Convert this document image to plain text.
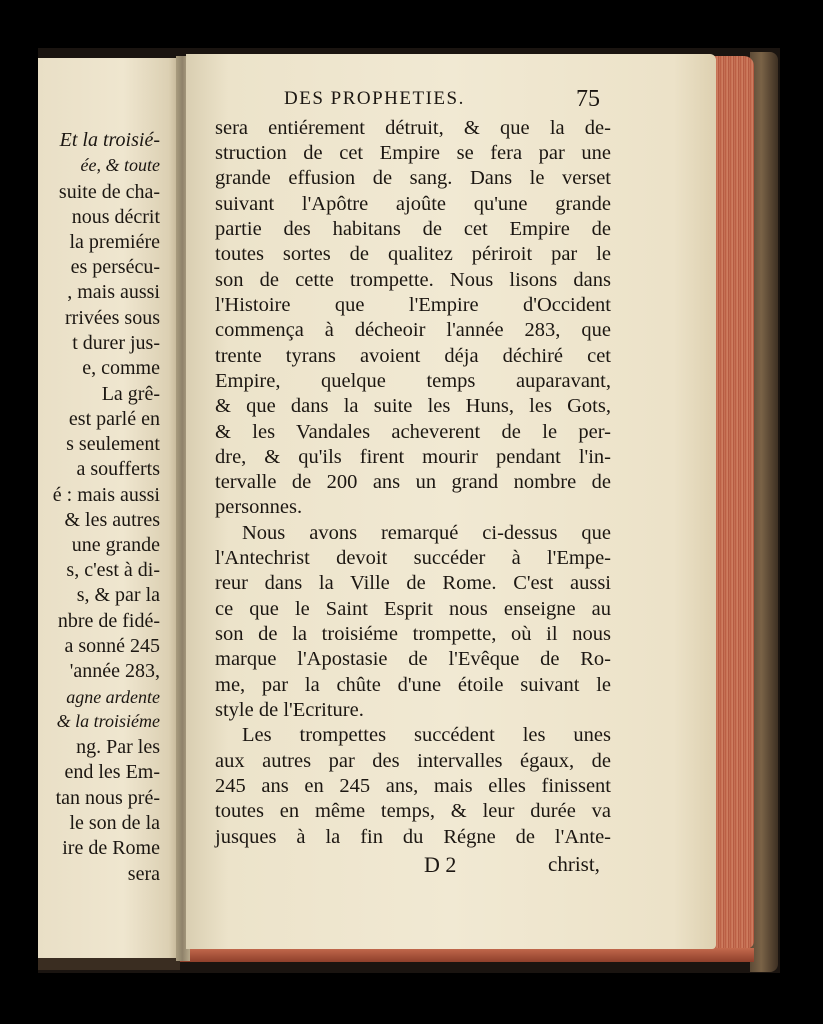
Et la troisié-
ée, & toute
suite de cha-
nous décrit
la premiére
es persécu-
, mais aussi
rrivées sous
t durer jus-
e, comme
La grê-
est parlé en
s seulement
a soufferts
é : mais aussi
& les autres
une grande
s, c'est à di-
s, & par la
nbre de fidé-
a sonné 245
'année 283,
agne ardente
& la troisiéme
ng. Par les
end les Em-
tan nous pré-
le son de la
ire de Rome
sera
DES PROPHETIES.	75
sera entiérement détruit, & que la de-
struction de cet Empire se fera par une
grande effusion de sang. Dans le verset
suivant l'Apôtre ajoûte qu'une grande
partie des habitans de cet Empire de
toutes sortes de qualitez périroit par le
son de cette trompette. Nous lisons dans
l'Histoire que l'Empire d'Occident
commença à décheoir l'année 283, que
trente tyrans avoient déja déchiré cet
Empire, quelque temps auparavant,
& que dans la suite les Huns, les Gots,
& les Vandales acheverent de le per-
dre, & qu'ils firent mourir pendant l'in-
tervalle de 200 ans un grand nombre de
personnes.
Nous avons remarqué ci-dessus que
l'Antechrist devoit succéder à l'Empe-
reur dans la Ville de Rome. C'est aussi
ce que le Saint Esprit nous enseigne au
son de la troisiéme trompette, où il nous
marque l'Apostasie de l'Evêque de Ro-
me, par la chûte d'une étoile suivant le
style de l'Ecriture.
Les trompettes succédent les unes
aux autres par des intervalles égaux, de
245 ans en 245 ans, mais elles finissent
toutes en même temps, & leur durée va
jusques à la fin du Régne de l'Ante-
D 2	christ,
